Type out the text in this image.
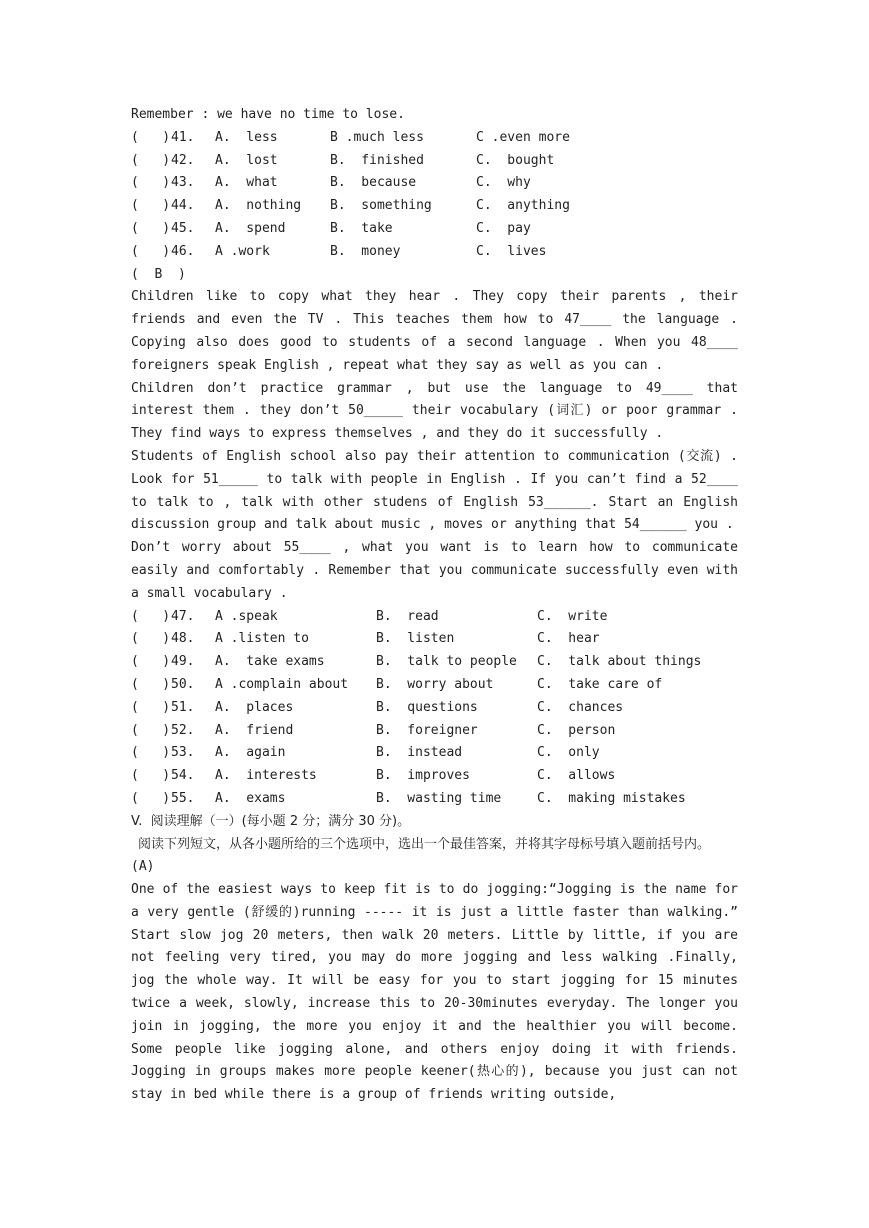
Remember : we have no time to lose.
(   ) 41.	A.  less	B .much less	C .even more
(   ) 42.	A.  lost	B.  finished	C.  bought
(   ) 43.	A.  what	B.  because	C.  why
(   ) 44.	A.  nothing	B.  something	C.  anything
(   ) 45.	A.  spend	B.  take	C.  pay
(   ) 46.	A .work	B.  money	C.  lives
(  B  )
Children like to copy what they hear . They copy their parents , their friends and even the TV . This teaches them how to 47____ the language . Copying also does good to students of a second language . When you 48____ foreigners speak English , repeat what they say as well as you can .
Children don’t practice grammar , but use the language to 49____ that interest them . they don’t 50_____ their vocabulary (词汇) or poor grammar . They find ways to express themselves , and they do it successfully .
Students of English school also pay their attention to communication (交流) . Look for 51_____ to talk with people in English . If you can’t find a 52____ to talk to , talk with other studens of English 53______. Start an English discussion group and talk about music , moves or anything that 54______ you .
Don’t worry about 55____ , what you want is to learn how to communicate easily and comfortably . Remember that you communicate successfully even with a small vocabulary .
(   ) 47.	A .speak	B.  read	C.  write
(   ) 48.	A .listen to	B.  listen	C.  hear
(   ) 49.	A.  take exams	B.  talk to people	C.  talk about things
(   ) 50.	A .complain about	B.  worry about	C.  take care of
(   ) 51.	A.  places	B.  questions	C.  chances
(   ) 52.	A.  friend	B.  foreigner	C.  person
(   ) 53.	A.  again	B.  instead	C.  only
(   ) 54.	A.  interests	B.  improves	C.  allows
(   ) 55.	A.  exams	B.  wasting time	C.  making mistakes
V.  阅读理解（一）(每小题 2 分；满分 30 分)。
阅读下列短文，从各小题所给的三个选项中，选出一个最佳答案，并将其字母标号填入题前括号内。
(A)
One of the easiest ways to keep fit is to do jogging:“Jogging is the name for a very gentle (舒缓的)running ----- it is just a little faster than walking.” Start slow jog 20 meters, then walk 20 meters. Little by little, if you are not feeling very tired, you may do more jogging and less walking .Finally, jog the whole way. It will be easy for you to start jogging for 15 minutes twice a week, slowly, increase this to 20-30minutes everyday. The longer you join in jogging, the more you enjoy it and the healthier you will become. Some people like jogging alone, and others enjoy doing it with friends. Jogging in groups makes more people keener(热心的), because you just can not stay in bed while there is a group of friends writing outside,
